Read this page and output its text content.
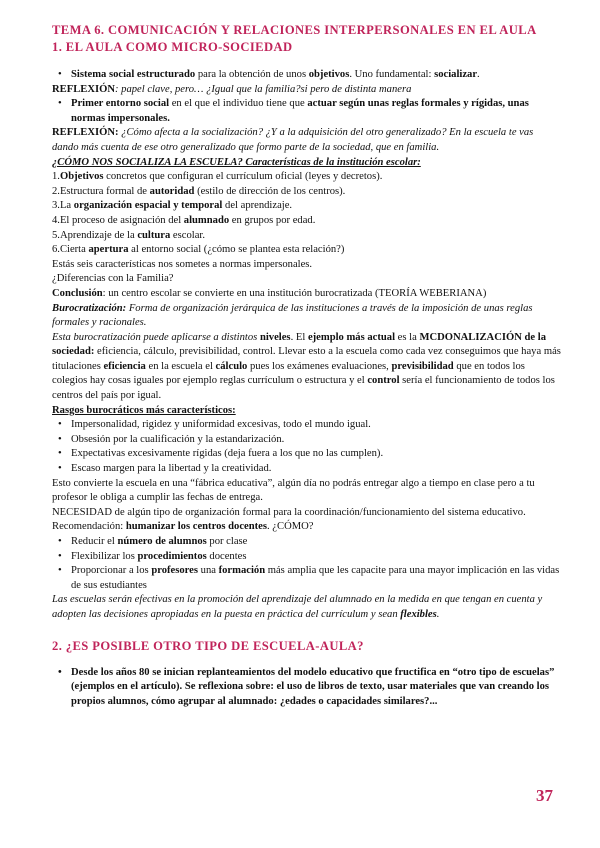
TEMA 6. COMUNICACIÓN Y RELACIONES INTERPERSONALES EN EL AULA
1. EL AULA COMO MICRO-SOCIEDAD
• Sistema social estructurado para la obtención de unos objetivos. Uno fundamental: socializar.
REFLEXIÓN: papel clave, pero… ¿Igual que la familia?si pero de distinta manera
• Primer entorno social en el que el individuo tiene que actuar según unas reglas formales y rígidas, unas normas impersonales.
REFLEXIÓN: ¿Cómo afecta a la socialización? ¿Y a la adquisición del otro generalizado? En la escuela te vas dando más cuenta de ese otro generalizado que formo parte de la sociedad, que en familia.
¿CÓMO NOS SOCIALIZA LA ESCUELA? Características de la institución escolar:
1.Objetivos concretos que configuran el currículum oficial (leyes y decretos).
2.Estructura formal de autoridad (estilo de dirección de los centros).
3.La organización espacial y temporal del aprendizaje.
4.El proceso de asignación del alumnado en grupos por edad.
5.Aprendizaje de la cultura escolar.
6.Cierta apertura al entorno social (¿cómo se plantea esta relación?)
Estás seis características nos sometes a normas impersonales.
¿Diferencias con la Familia?
Conclusión: un centro escolar se convierte en una institución burocratizada (TEORÍA WEBERIANA)
Burocratización: Forma de organización jerárquica de las instituciones a través de la imposición de unas reglas formales y racionales.
Esta burocratización puede aplicarse a distintos niveles. El ejemplo más actual es la MCDONALIZACIÓN de la sociedad: eficiencia, cálculo, previsibilidad, control. Llevar esto a la escuela como cada vez conseguimos que haya más titulaciones eficiencia en la escuela el cálculo pues los exámenes evaluaciones, previsibilidad que en todos los colegios hay cosas iguales por ejemplo reglas currículum o estructura y el control sería el funcionamiento de todos los centros del país por igual.
Rasgos burocráticos más característicos:
• Impersonalidad, rigidez y uniformidad excesivas, todo el mundo igual.
• Obsesión por la cualificación y la estandarización.
• Expectativas excesivamente rígidas (deja fuera a los que no las cumplen).
• Escaso margen para la libertad y la creatividad.
Esto convierte la escuela en una “fábrica educativa”, algún día no podrás entregar algo a tiempo en clase pero a tu profesor le obliga a cumplir las fechas de entrega.
NECESIDAD de algún tipo de organización formal para la coordinación/funcionamiento del sistema educativo.
Recomendación: humanizar los centros docentes. ¿CÓMO?
• Reducir el número de alumnos por clase
• Flexibilizar los procedimientos docentes
• Proporcionar a los profesores una formación más amplia que les capacite para una mayor implicación en las vidas de sus estudiantes
Las escuelas serán efectivas en la promoción del aprendizaje del alumnado en la medida en que tengan en cuenta y adopten las decisiones apropiadas en la puesta en práctica del currículum y sean flexibles.
2. ¿ES POSIBLE OTRO TIPO DE ESCUELA-AULA?
• Desde los años 80 se inician replanteamientos del modelo educativo que fructifica en “otro tipo de escuelas” (ejemplos en el artículo). Se reflexiona sobre: el uso de libros de texto, usar materiales que van creando los propios alumnos, cómo agrupar al alumnado: ¿edades o capacidades similares?...
37
